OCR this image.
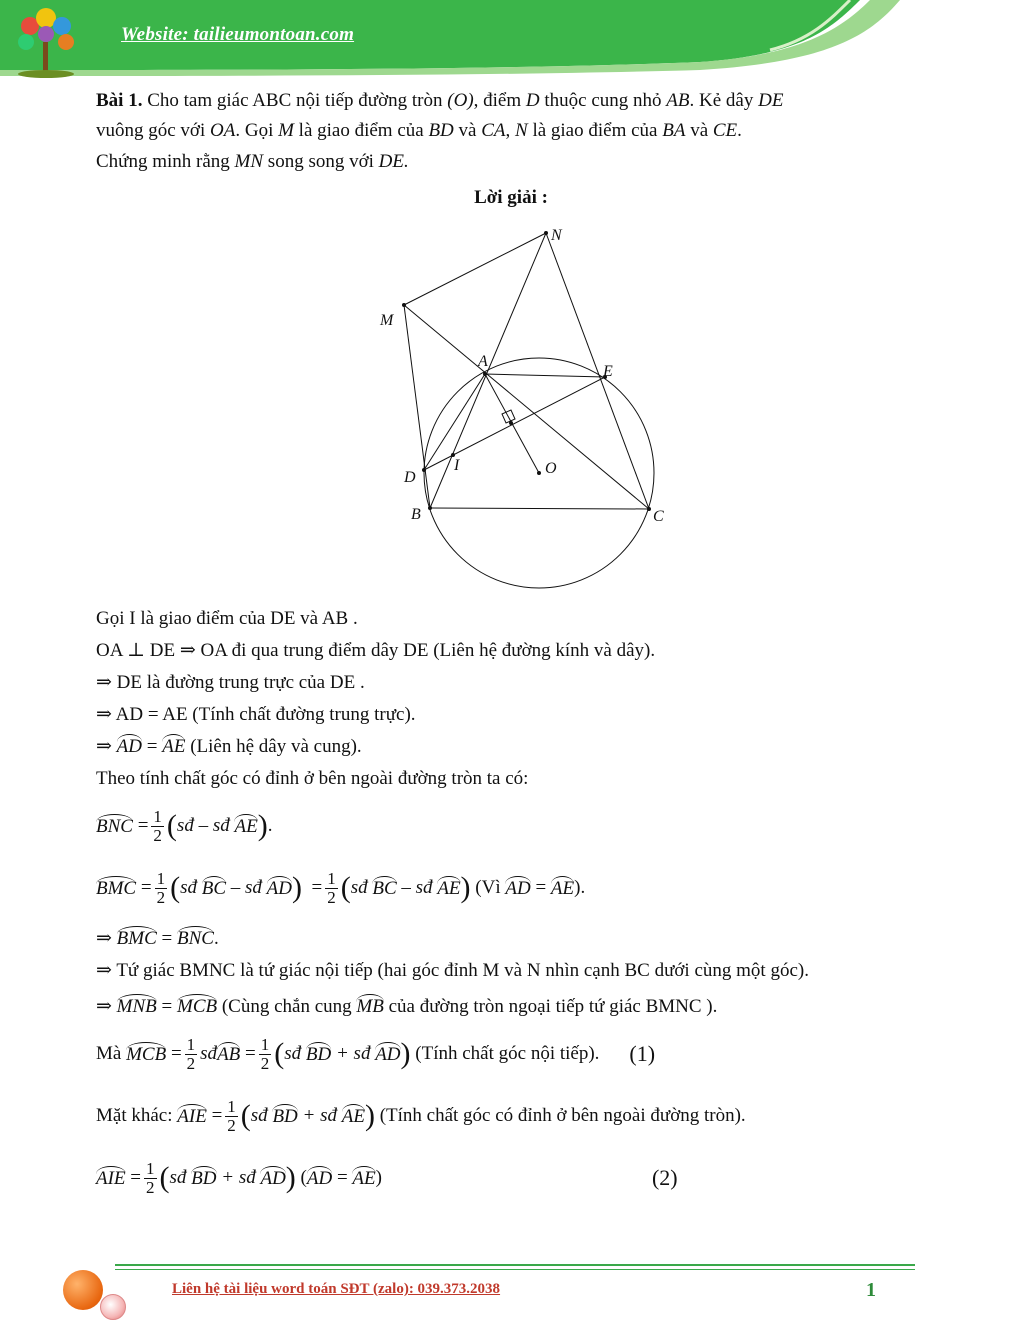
Website: tailieumontoan.com
Bài 1. Cho tam giác ABC nội tiếp đường tròn (O), điểm D thuộc cung nhỏ AB. Kẻ dây DE
vuông góc với OA. Gọi M là giao điểm của BD và CA, N là giao điểm của BA và CE.
Chứng minh rằng MN song song với DE.
Lời giải :
N
M
A
E
I	O
D
B	C
Gọi I là giao điểm của DE và AB .
OA ⊥ DE ⇒ OA đi qua trung điểm dây DE (Liên hệ đường kính và dây).
⇒ DE là đường trung trực của DE .
⇒ AD = AE (Tính chất đường trung trực).
⇒ AD = AE (Liên hệ dây và cung).
Theo tính chất góc có đỉnh ở bên ngoài đường tròn ta có:
BNC
= $\frac{1}{2}$ ( sđ – sđ
AE ) .
BMC = $\frac{1}{2}$ ( sđ
BC
– sđ
AD ) = $\frac{1}{2}$ ( sđ
BC
– sđ
AE )
(Vì
AD = AE ).
⇒ BMC = BNC.
⇒ Tứ giác BMNC là tứ giác nội tiếp (hai góc đỉnh M và N nhìn cạnh BC dưới cùng một góc).
⇒ MNB = MCB (Cùng chắn cung MB của đường tròn ngoại tiếp tứ giác BMNC ).
Mà
MCB = $\frac{1}{2}$ sđ AB = $\frac{1}{2}$ ( sđ
BD
+ sđ
AD )
(Tính chất góc nội tiếp). (1)
Mặt khác:
AIE = $\frac{1}{2}$ ( sđ
BD
+ sđ
AE )
(Tính chất góc có đỉnh ở bên ngoài đường tròn).
AIE = $\frac{1}{2}$ ( sđ
BD
+ sđ
AD )
( AD = AE )	(2)
Liên hệ tài liệu word toán SĐT (zalo): 039.373.2038	1
